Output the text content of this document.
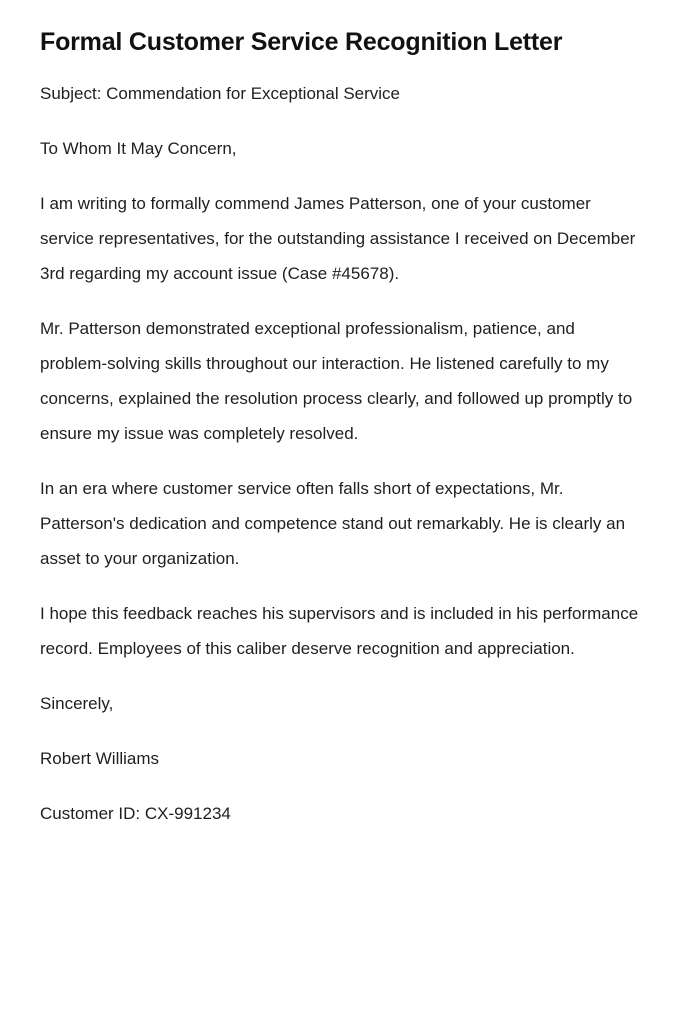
Formal Customer Service Recognition Letter

Subject: Commendation for Exceptional Service

To Whom It May Concern,

I am writing to formally commend James Patterson, one of your customer service representatives, for the outstanding assistance I received on December 3rd regarding my account issue (Case #45678).

Mr. Patterson demonstrated exceptional professionalism, patience, and problem-solving skills throughout our interaction. He listened carefully to my concerns, explained the resolution process clearly, and followed up promptly to ensure my issue was completely resolved.

In an era where customer service often falls short of expectations, Mr. Patterson's dedication and competence stand out remarkably. He is clearly an asset to your organization.

I hope this feedback reaches his supervisors and is included in his performance record. Employees of this caliber deserve recognition and appreciation.

Sincerely,

Robert Williams

Customer ID: CX-991234
